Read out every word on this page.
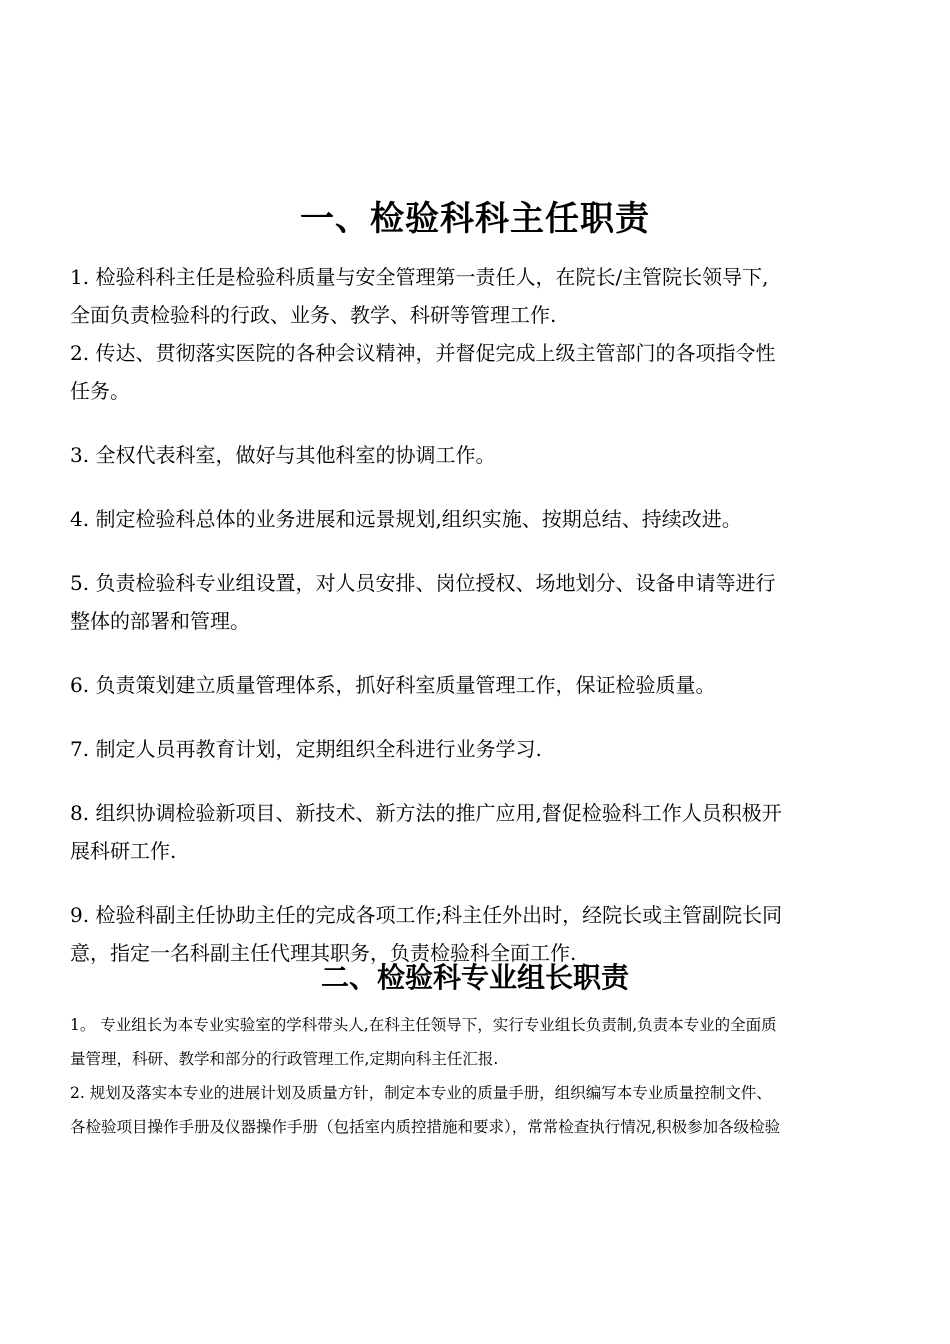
一、检验科科主任职责
1. 检验科科主任是检验科质量与安全管理第一责任人，在院长/主管院长领导下,
全面负责检验科的行政、业务、教学、科研等管理工作.
2. 传达、贯彻落实医院的各种会议精神，并督促完成上级主管部门的各项指令性
任务。
3. 全权代表科室，做好与其他科室的协调工作。
4. 制定检验科总体的业务进展和远景规划,组织实施、按期总结、持续改进。
5. 负责检验科专业组设置，对人员安排、岗位授权、场地划分、设备申请等进行
整体的部署和管理。
6. 负责策划建立质量管理体系，抓好科室质量管理工作，保证检验质量。
7. 制定人员再教育计划，定期组织全科进行业务学习.
8. 组织协调检验新项目、新技术、新方法的推广应用,督促检验科工作人员积极开
展科研工作.
9. 检验科副主任协助主任的完成各项工作;科主任外出时，经院长或主管副院长同
意，指定一名科副主任代理其职务，负责检验科全面工作.
二、检验科专业组长职责
1。 专业组长为本专业实验室的学科带头人,在科主任领导下，实行专业组长负责制,负责本专业的全面质
量管理，科研、教学和部分的行政管理工作,定期向科主任汇报.
2. 规划及落实本专业的进展计划及质量方针，制定本专业的质量手册，组织编写本专业质量控制文件、
各检验项目操作手册及仪器操作手册（包括室内质控措施和要求），常常检查执行情况,积极参加各级检验
